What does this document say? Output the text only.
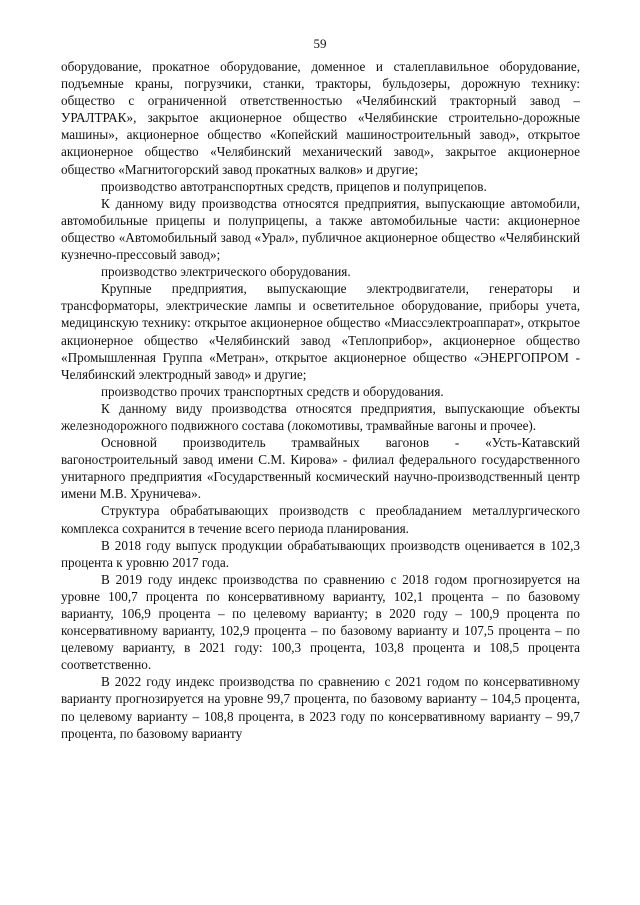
59

оборудование, прокатное оборудование, доменное и сталеплавильное оборудование, подъемные краны, погрузчики, станки, тракторы, бульдозеры, дорожную технику: общество с ограниченной ответственностью «Челябинский тракторный завод – УРАЛТРАК», закрытое акционерное общество «Челябинские строительно-дорожные машины», акционерное общество «Копейский машиностроительный завод», открытое акционерное общество «Челябинский механический завод», закрытое акционерное общество «Магнитогорский завод прокатных валков» и другие;

производство автотранспортных средств, прицепов и полуприцепов.

К данному виду производства относятся предприятия, выпускающие автомобили, автомобильные прицепы и полуприцепы, а также автомобильные части: акционерное общество «Автомобильный завод «Урал», публичное акционерное общество «Челябинский кузнечно-прессовый завод»;

производство электрического оборудования.

Крупные предприятия, выпускающие электродвигатели, генераторы и трансформаторы, электрические лампы и осветительное оборудование, приборы учета, медицинскую технику: открытое акционерное общество «Миассэлектроаппарат», открытое акционерное общество «Челябинский завод «Теплоприбор», акционерное общество «Промышленная Группа «Метран», открытое акционерное общество «ЭНЕРГОПРОМ - Челябинский электродный завод» и другие;

производство прочих транспортных средств и оборудования.

К данному виду производства относятся предприятия, выпускающие объекты железнодорожного подвижного состава (локомотивы, трамвайные вагоны и прочее).

Основной производитель трамвайных вагонов - «Усть-Катавский вагоностроительный завод имени С.М. Кирова» - филиал федерального государственного унитарного предприятия «Государственный космический научно-производственный центр имени М.В. Хруничева».

Структура обрабатывающих производств с преобладанием металлургического комплекса сохранится в течение всего периода планирования.

В 2018 году выпуск продукции обрабатывающих производств оценивается в 102,3 процента к уровню 2017 года.

В 2019 году индекс производства по сравнению с 2018 годом прогнозируется на уровне 100,7 процента по консервативному варианту, 102,1 процента – по базовому варианту, 106,9 процента – по целевому варианту; в 2020 году – 100,9 процента по консервативному варианту, 102,9 процента – по базовому варианту и 107,5 процента – по целевому варианту, в 2021 году: 100,3 процента, 103,8 процента и 108,5 процента соответственно.

В 2022 году индекс производства по сравнению с 2021 годом по консервативному варианту прогнозируется на уровне 99,7 процента, по базовому варианту – 104,5 процента, по целевому варианту – 108,8 процента, в 2023 году по консервативному варианту – 99,7 процента, по базовому варианту
